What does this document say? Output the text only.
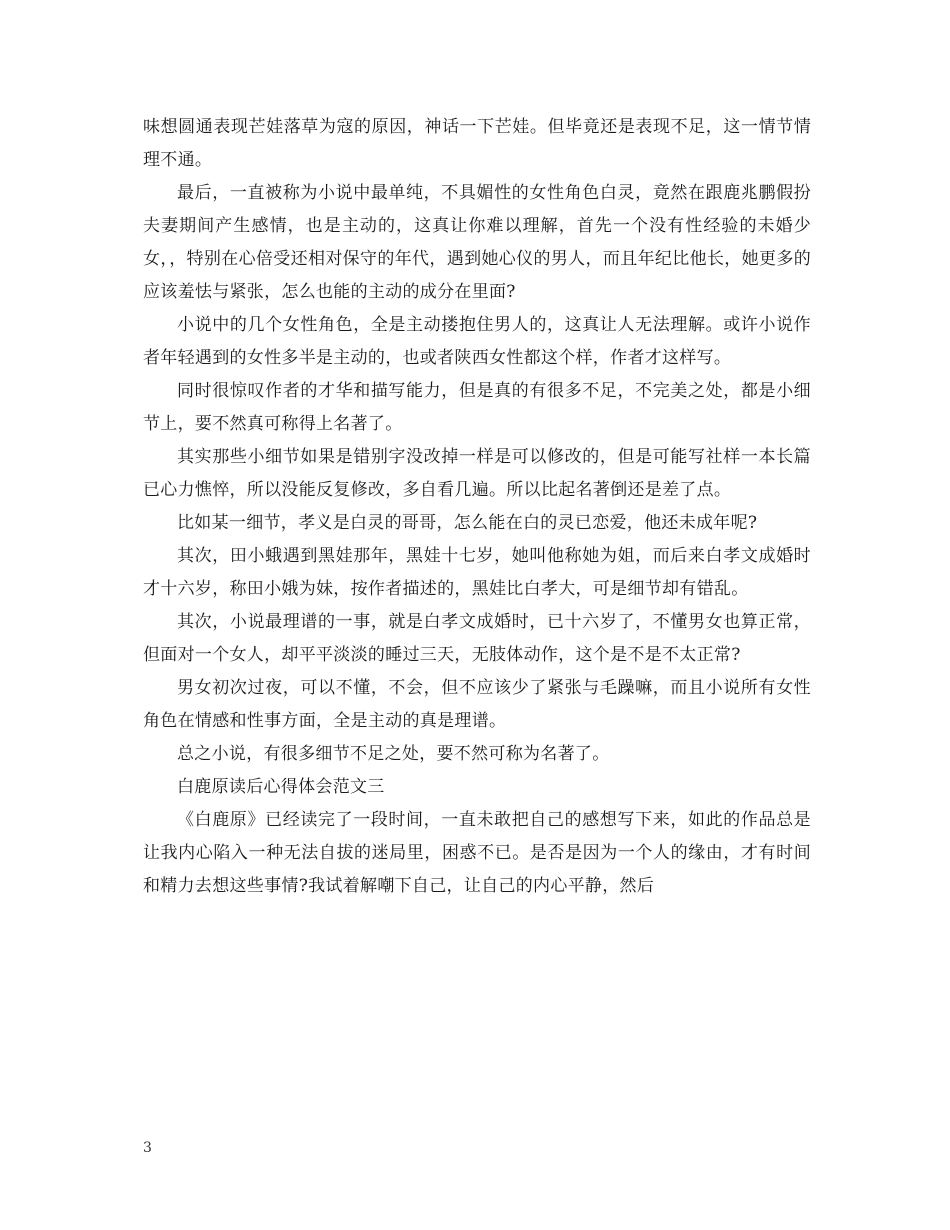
味想圆通表现芒娃落草为寇的原因，神话一下芒娃。但毕竟还是表现不足，这一情节情理不通。

最后，一直被称为小说中最单纯，不具媚性的女性角色白灵，竟然在跟鹿兆鹏假扮夫妻期间产生感情，也是主动的，这真让你难以理解，首先一个没有性经验的未婚少女，，特别在心倍受还相对保守的年代，遇到她心仪的男人，而且年纪比他长，她更多的应该羞怯与紧张，怎么也能的主动的成分在里面?

小说中的几个女性角色，全是主动搂抱住男人的，这真让人无法理解。或许小说作者年轻遇到的女性多半是主动的，也或者陕西女性都这个样，作者才这样写。

同时很惊叹作者的才华和描写能力，但是真的有很多不足，不完美之处，都是小细节上，要不然真可称得上名著了。

其实那些小细节如果是错别字没改掉一样是可以修改的，但是可能写社样一本长篇已心力憔悴，所以没能反复修改，多自看几遍。所以比起名著倒还是差了点。

比如某一细节，孝义是白灵的哥哥，怎么能在白的灵已恋爱，他还未成年呢?

其次，田小蛾遇到黑娃那年，黑娃十七岁，她叫他称她为姐，而后来白孝文成婚时才十六岁，称田小娥为妹，按作者描述的，黑娃比白孝大，可是细节却有错乱。

其次，小说最理谱的一事，就是白孝文成婚时，已十六岁了，不懂男女也算正常，但面对一个女人，却平平淡淡的睡过三天，无肢体动作，这个是不是不太正常?

男女初次过夜，可以不懂，不会，但不应该少了紧张与毛躁嘛，而且小说所有女性角色在情感和性事方面，全是主动的真是理谱。

总之小说，有很多细节不足之处，要不然可称为名著了。

白鹿原读后心得体会范文三

《白鹿原》已经读完了一段时间，一直未敢把自己的感想写下来，如此的作品总是让我内心陷入一种无法自拔的迷局里，困惑不已。是否是因为一个人的缘由，才有时间和精力去想这些事情?我试着解嘲下自己，让自己的内心平静，然后

3
